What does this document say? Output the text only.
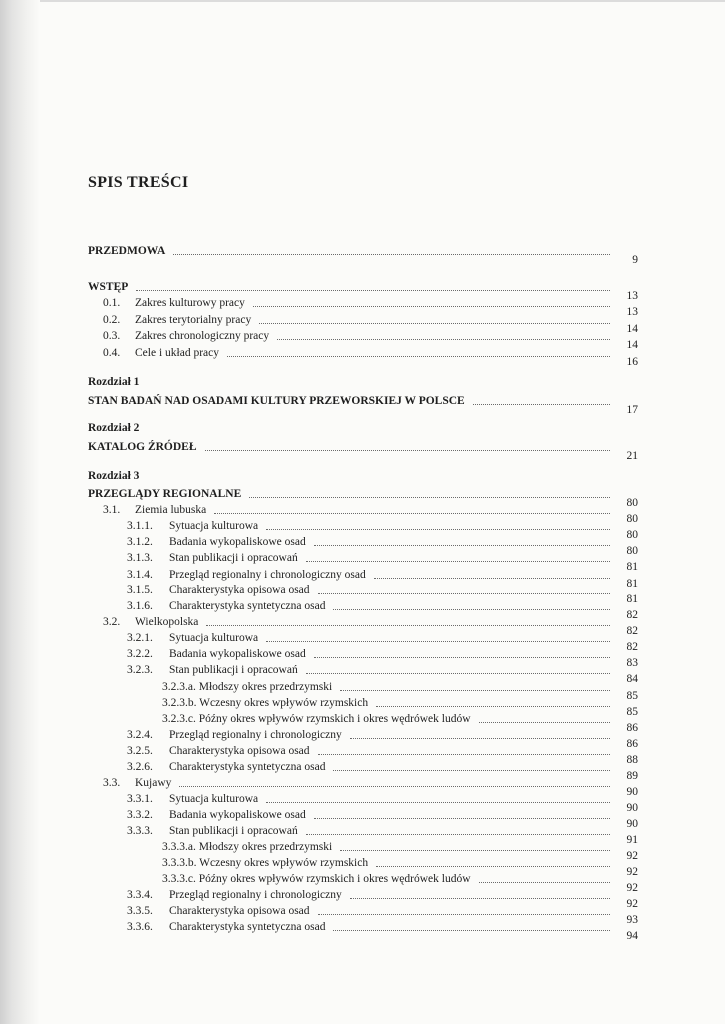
SPIS TREŚCI
Rozdział 1
Rozdział 2
Rozdział 3
PRZEDMOWA
9
WSTĘP
13
0.1. Zakres kulturowy pracy
13
0.2. Zakres terytorialny pracy
14
0.3. Zakres chronologiczny pracy
14
0.4. Cele i układ pracy
16
STAN BADAŃ NAD OSADAMI KULTURY PRZEWORSKIEJ W POLSCE
17
KATALOG ŹRÓDEŁ
21
PRZEGLĄDY REGIONALNE
80
3.1. Ziemia lubuska
80
3.1.1. Sytuacja kulturowa
80
3.1.2. Badania wykopaliskowe osad
80
3.1.3. Stan publikacji i opracowań
81
3.1.4. Przegląd regionalny i chronologiczny osad
81
3.1.5. Charakterystyka opisowa osad
81
3.1.6. Charakterystyka syntetyczna osad
82
3.2. Wielkopolska
82
3.2.1. Sytuacja kulturowa
82
3.2.2. Badania wykopaliskowe osad
83
3.2.3. Stan publikacji i opracowań
84
3.2.3.a. Młodszy okres przedrzymski
85
3.2.3.b. Wczesny okres wpływów rzymskich
85
3.2.3.c. Późny okres wpływów rzymskich i okres wędrówek ludów
86
3.2.4. Przegląd regionalny i chronologiczny
86
3.2.5. Charakterystyka opisowa osad
88
3.2.6. Charakterystyka syntetyczna osad
89
3.3. Kujawy
90
3.3.1. Sytuacja kulturowa
90
3.3.2. Badania wykopaliskowe osad
90
3.3.3. Stan publikacji i opracowań
91
3.3.3.a. Młodszy okres przedrzymski
92
3.3.3.b. Wczesny okres wpływów rzymskich
92
3.3.3.c. Późny okres wpływów rzymskich i okres wędrówek ludów
92
3.3.4. Przegląd regionalny i chronologiczny
92
3.3.5. Charakterystyka opisowa osad
93
3.3.6. Charakterystyka syntetyczna osad
94
